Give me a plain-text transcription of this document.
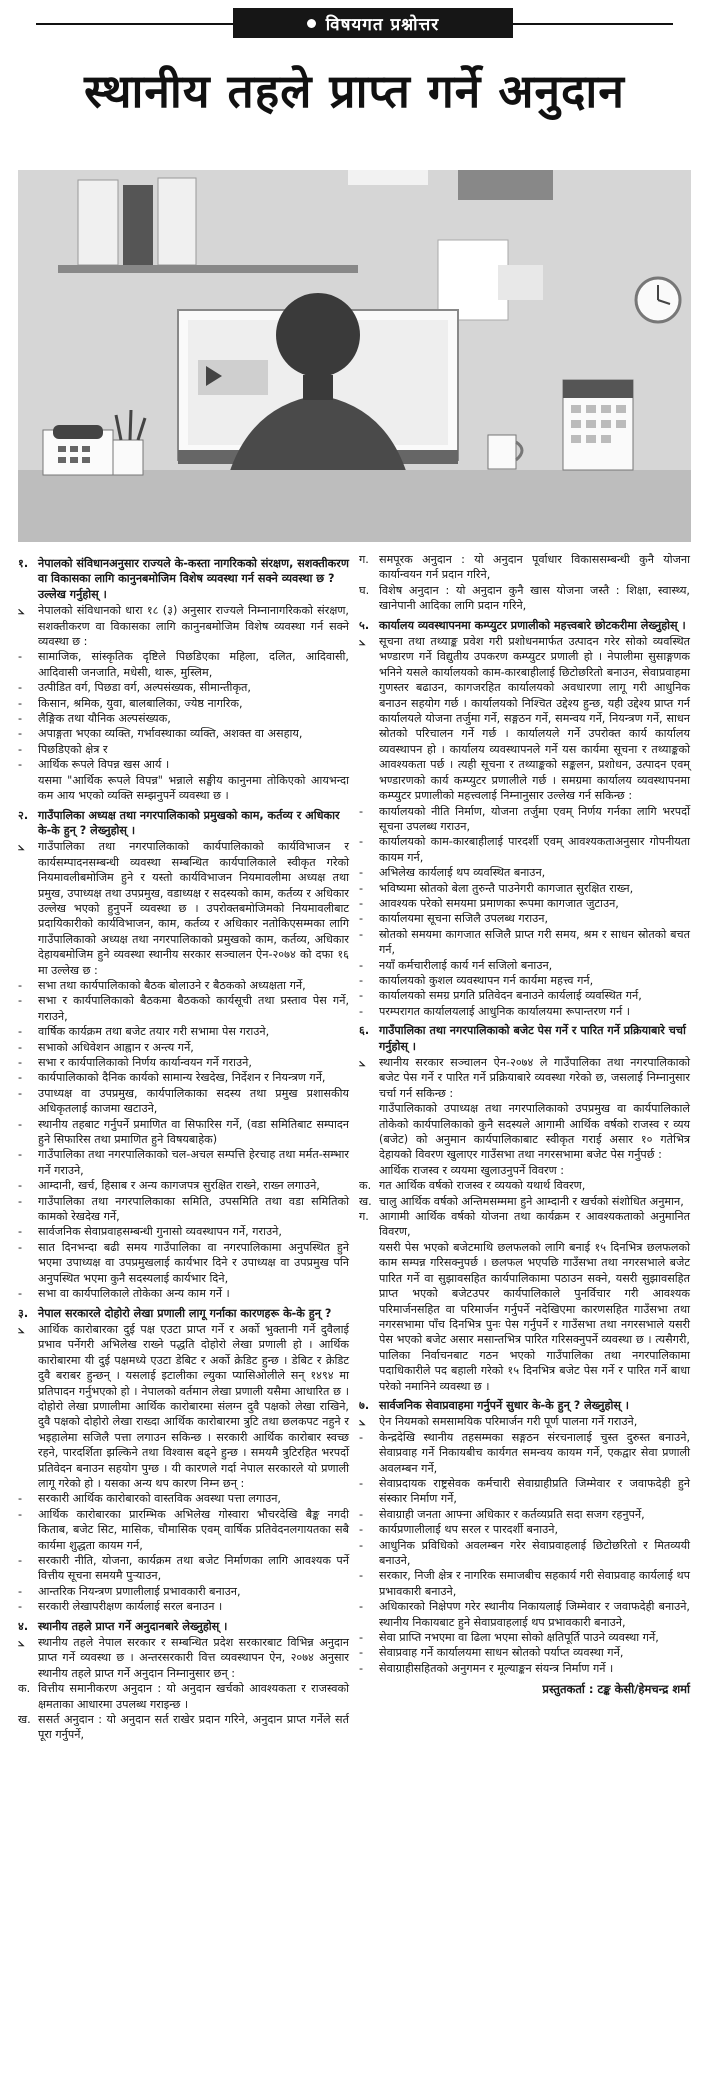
विषयगत प्रश्नोत्तर
स्थानीय तहले प्राप्त गर्ने अनुदान
१. नेपालको संविधानअनुसार राज्यले के-कस्ता नागरिकको संरक्षण, सशक्तीकरण वा विकासका लागि कानुनबमोजिम विशेष व्यवस्था गर्न सक्ने व्यवस्था छ ? उल्लेख गर्नुहोस् ।
⦣	नेपालको संविधानको धारा १८ (३) अनुसार राज्यले निम्नानागरिकको संरक्षण, सशक्तीकरण वा विकासका लागि कानुनबमोजिम विशेष व्यवस्था गर्न सक्ने व्यवस्था छ :
-	सामाजिक, सांस्कृतिक दृष्टिले पिछडिएका महिला, दलित, आदिवासी, आदिवासी जनजाति, मधेसी, थारू, मुस्लिम,
-	उत्पीडित वर्ग, पिछडा वर्ग, अल्पसंख्यक, सीमान्तीकृत,
-	किसान, श्रमिक, युवा, बालबालिका, ज्येष्ठ नागरिक,
-	लैङ्गिक तथा यौनिक अल्पसंख्यक,
-	अपाङ्गता भएका व्यक्ति, गर्भावस्थाका व्यक्ति, अशक्त वा असहाय,
-	पिछडिएको क्षेत्र र
-	आर्थिक रूपले विपन्न खस आर्य ।
यसमा "आर्थिक रूपले विपन्न" भन्नाले सङ्घीय कानुनमा तोकिएको आयभन्दा कम आय भएको व्यक्ति सम्झनुपर्ने व्यवस्था छ ।
२. गाउँपालिका अध्यक्ष तथा नगरपालिकाको प्रमुखको काम, कर्तव्य र अधिकार के-के हुन् ? लेख्नुहोस् ।
⦣	गाउँपालिका तथा नगरपालिकाको कार्यपालिकाको कार्यविभाजन र कार्यसम्पादनसम्बन्धी व्यवस्था सम्बन्धित कार्यपालिकाले स्वीकृत गरेको नियमावलीबमोजिम हुने र यस्तो कार्यविभाजन नियमावलीमा अध्यक्ष तथा प्रमुख, उपाध्यक्ष तथा उपप्रमुख, वडाध्यक्ष र सदस्यको काम, कर्तव्य र अधिकार उल्लेख भएको हुनुपर्ने व्यवस्था छ । उपरोक्तबमोजिमको नियमावलीबाट प्रदायिकारीको कार्यविभाजन, काम, कर्तव्य र अधिकार नतोकिएसम्मका लागि गाउँपालिकाको अध्यक्ष तथा नगरपालिकाको प्रमुखको काम, कर्तव्य, अधिकार देहायबमोजिम हुने व्यवस्था स्थानीय सरकार सञ्चालन ऐन-२०७४ को दफा १६ मा उल्लेख छ :
-	सभा तथा कार्यपालिकाको बैठक बोलाउने र बैठकको अध्यक्षता गर्ने,
-	सभा र कार्यपालिकाको बैठकमा बैठकको कार्यसूची तथा प्रस्ताव पेस गर्ने, गराउने,
-	वार्षिक कार्यक्रम तथा बजेट तयार गरी सभामा पेस गराउने,
-	सभाको अधिवेशन आह्वान र अन्त्य गर्ने,
-	सभा र कार्यपालिकाको निर्णय कार्यान्वयन गर्ने गराउने,
-	कार्यपालिकाको दैनिक कार्यको सामान्य रेखदेख, निर्देशन र नियन्त्रण गर्ने,
-	उपाध्यक्ष वा उपप्रमुख, कार्यपालिकाका सदस्य तथा प्रमुख प्रशासकीय अधिकृतलाई काजमा खटाउने,
-	स्थानीय तहबाट गर्नुपर्ने प्रमाणित वा सिफारिस गर्ने, (वडा समितिबाट सम्पादन हुने सिफारिस तथा प्रमाणित हुने विषयबाहेक)
-	गाउँपालिका तथा नगरपालिकाको चल-अचल सम्पत्ति हेरचाह तथा मर्मत-सम्भार गर्ने गराउने,
-	आम्दानी, खर्च, हिसाब र अन्य कागजपत्र सुरक्षित राख्ने, राख्न लगाउने,
-	गाउँपालिका तथा नगरपालिकाका समिति, उपसमिति तथा वडा समितिको कामको रेखदेख गर्ने,
-	सार्वजनिक सेवाप्रवाहसम्बन्धी गुनासो व्यवस्थापन गर्ने, गराउने,
-	सात दिनभन्दा बढी समय गाउँपालिका वा नगरपालिकामा अनुपस्थित हुने भएमा उपाध्यक्ष वा उपप्रमुखलाई कार्यभार दिने र उपाध्यक्ष वा उपप्रमुख पनि अनुपस्थित भएमा कुनै सदस्यलाई कार्यभार दिने,
-	सभा वा कार्यपालिकाले तोकेका अन्य काम गर्ने ।
३. नेपाल सरकारले दोहोरो लेखा प्रणाली लागू गर्नाका कारणहरू के-के हुन् ?
⦣	आर्थिक कारोबारका दुई पक्ष एउटा प्राप्त गर्ने र अर्को भुक्तानी गर्ने दुवैलाई प्रभाव पर्नेगरी अभिलेख राख्ने पद्धति दोहोरो लेखा प्रणाली हो । आर्थिक कारोबारमा यी दुई पक्षमध्ये एउटा डेबिट र अर्को क्रेडिट हुन्छ । डेबिट र क्रेडिट दुवै बराबर हुन्छन् । यसलाई इटालीका ल्युका प्यासिओलीले सन् १४९४ मा प्रतिपादन गर्नुभएको हो । नेपालको वर्तमान लेखा प्रणाली यसैमा आधारित छ । दोहोरो लेखा प्रणालीमा आर्थिक कारोबारमा संलग्न दुवै पक्षको लेखा राखिने, दुवै पक्षको दोहोरो लेखा राख्दा आर्थिक कारोबारमा त्रुटि तथा छलकपट नहुने र भइहालेमा सजिलै पत्ता लगाउन सकिन्छ । सरकारी आर्थिक कारोबार स्वच्छ रहने, पारदर्शिता झल्किने तथा विश्वास बढ्ने हुन्छ । समयमै त्रुटिरहित भरपर्दो प्रतिवेदन बनाउन सहयोग पुग्छ । यी कारणले गर्दा नेपाल सरकारले यो प्रणाली लागू गरेको हो । यसका अन्य थप कारण निम्न छन् :
-	सरकारी आर्थिक कारोबारको वास्तविक अवस्था पत्ता लगाउन,
-	आर्थिक कारोबारका प्रारम्भिक अभिलेख गोस्वारा भौचरदेखि बैङ्क नगदी किताब, बजेट सिट, मासिक, चौमासिक एवम् वार्षिक प्रतिवेदनलगायतका सबै कार्यमा शुद्धता कायम गर्न,
-	सरकारी नीति, योजना, कार्यक्रम तथा बजेट निर्माणका लागि आवश्यक पर्ने वित्तीय सूचना समयमै पुऱ्याउन,
-	आन्तरिक नियन्त्रण प्रणालीलाई प्रभावकारी बनाउन,
-	सरकारी लेखापरीक्षण कार्यलाई सरल बनाउन ।
४. स्थानीय तहले प्राप्त गर्ने अनुदानबारे लेख्नुहोस् ।
⦣	स्थानीय तहले नेपाल सरकार र सम्बन्धित प्रदेश सरकारबाट विभिन्न अनुदान प्राप्त गर्ने व्यवस्था छ । अन्तरसरकारी वित्त व्यवस्थापन ऐन, २०७४ अनुसार स्थानीय तहले प्राप्त गर्ने अनुदान निम्नानुसार छन् :
क. वित्तीय समानीकरण अनुदान : यो अनुदान खर्चको आवश्यकता र राजस्वको क्षमताका आधारमा उपलब्ध गराइन्छ ।
ख. ससर्त अनुदान : यो अनुदान सर्त राखेर प्रदान गरिने, अनुदान प्राप्त गर्नेले सर्त पूरा गर्नुपर्ने,
ग. समपूरक अनुदान : यो अनुदान पूर्वाधार विकाससम्बन्धी कुनै योजना कार्यान्वयन गर्न प्रदान गरिने,
घ. विशेष अनुदान : यो अनुदान कुनै खास योजना जस्तै : शिक्षा, स्वास्थ्य, खानेपानी आदिका लागि प्रदान गरिने,
५. कार्यालय व्यवस्थापनमा कम्प्युटर प्रणालीको महत्त्वबारे छोटकरीमा लेख्नुहोस् ।
⦣	सूचना तथा तथ्याङ्क प्रवेश गरी प्रशोधनमार्फत उत्पादन गरेर सोको व्यवस्थित भण्डारण गर्ने विद्युतीय उपकरण कम्प्युटर प्रणाली हो । नेपालीमा सुसाङ्गणक भनिने यसले कार्यालयको काम-कारबाहीलाई छिटोछरितो बनाउन, सेवाप्रवाहमा गुणस्तर बढाउन, कागजरहित कार्यालयको अवधारणा लागू गरी आधुनिक बनाउन सहयोग गर्छ । कार्यालयको निश्चित उद्देश्य हुन्छ, यही उद्देश्य प्राप्त गर्न कार्यालयले योजना तर्जुमा गर्ने, सङ्गठन गर्ने, समन्वय गर्ने, नियन्त्रण गर्ने, साधन स्रोतको परिचालन गर्ने गर्छ । कार्यालयले गर्ने उपरोक्त कार्य कार्यालय व्यवस्थापन हो । कार्यालय व्यवस्थापनले गर्ने यस कार्यमा सूचना र तथ्याङ्कको आवश्यकता पर्छ । त्यही सूचना र तथ्याङ्कको सङ्कलन, प्रशोधन, उत्पादन एवम् भण्डारणको कार्य कम्प्युटर प्रणालीले गर्छ । समग्रमा कार्यालय व्यवस्थापनमा कम्प्युटर प्रणालीको महत्त्वलाई निम्नानुसार उल्लेख गर्न सकिन्छ :
-	कार्यालयको नीति निर्माण, योजना तर्जुमा एवम् निर्णय गर्नका लागि भरपर्दो सूचना उपलब्ध गराउन,
-	कार्यालयको काम-कारबाहीलाई पारदर्शी एवम् आवश्यकताअनुसार गोपनीयता कायम गर्न,
-	अभिलेख कार्यलाई थप व्यवस्थित बनाउन,
-	भविष्यमा स्रोतको बेला तुरुन्तै पाउनेगरी कागजात सुरक्षित राख्न,
-	आवश्यक परेको समयमा प्रमाणका रूपमा कागजात जुटाउन,
-	कार्यालयमा सूचना सजिलै उपलब्ध गराउन,
-	स्रोतको समयमा कागजात सजिलै प्राप्त गरी समय, श्रम र साधन स्रोतको बचत गर्न,
-	नयाँ कर्मचारीलाई कार्य गर्न सजिलो बनाउन,
-	कार्यालयको कुशल व्यवस्थापन गर्न कार्यमा महत्त्व गर्न,
-	कार्यालयको समग्र प्रगति प्रतिवेदन बनाउने कार्यलाई व्यवस्थित गर्न,
-	परम्परागत कार्यालयलाई आधुनिक कार्यालयमा रूपान्तरण गर्न ।
६. गाउँपालिका तथा नगरपालिकाको बजेट पेस गर्ने र पारित गर्ने प्रक्रियाबारे चर्चा गर्नुहोस् ।
⦣	स्थानीय सरकार सञ्चालन ऐन-२०७४ ले गाउँपालिका तथा नगरपालिकाको बजेट पेस गर्ने र पारित गर्ने प्रक्रियाबारे व्यवस्था गरेको छ, जसलाई निम्नानुसार चर्चा गर्न सकिन्छ :
गाउँपालिकाको उपाध्यक्ष तथा नगरपालिकाको उपप्रमुख वा कार्यपालिकाले तोकेको कार्यपालिकाको कुनै सदस्यले आगामी आर्थिक वर्षको राजस्व र व्यय (बजेट) को अनुमान कार्यपालिकाबाट स्वीकृत गराई असार १० गतेभित्र देहायको विवरण खुलाएर गाउँसभा तथा नगरसभामा बजेट पेस गर्नुपर्छ :
आर्थिक राजस्व र व्ययमा खुलाउनुपर्ने विवरण :
क. गत आर्थिक वर्षको राजस्व र व्ययको यथार्थ विवरण,
ख. चालु आर्थिक वर्षको अन्तिमसम्ममा हुने आम्दानी र खर्चको संशोधित अनुमान,
ग. आगामी आर्थिक वर्षको योजना तथा कार्यक्रम र आवश्यकताको अनुमानित विवरण,
यसरी पेस भएको बजेटमाथि छलफलको लागि बनाई १५ दिनभित्र छलफलको काम सम्पन्न गरिसक्नुपर्छ । छलफल भएपछि गाउँसभा तथा नगरसभाले बजेट पारित गर्ने वा सुझावसहित कार्यपालिकामा पठाउन सक्ने, यसरी सुझावसहित प्राप्त भएको बजेटउपर कार्यपालिकाले पुनर्विचार गरी आवश्यक परिमार्जनसहित वा परिमार्जन गर्नुपर्ने नदेखिएमा कारणसहित गाउँसभा तथा नगरसभामा पाँच दिनभित्र पुनः पेस गर्नुपर्ने र गाउँसभा तथा नगरसभाले यसरी पेस भएको बजेट असार मसान्तभित्र पारित गरिसक्नुपर्ने व्यवस्था छ । त्यसैगरी, पालिका निर्वाचनबाट गठन भएको गाउँपालिका तथा नगरपालिकामा पदाधिकारीले पद बहाली गरेको १५ दिनभित्र बजेट पेस गर्ने र पारित गर्ने बाधा परेको नमानिने व्यवस्था छ ।
७. सार्वजनिक सेवाप्रवाहमा गर्नुपर्ने सुधार के-के हुन् ? लेख्नुहोस् ।
⦣	ऐन नियमको समसामयिक परिमार्जन गरी पूर्ण पालना गर्ने गराउने,
-	केन्द्रदेखि स्थानीय तहसम्मका सङ्गठन संरचनालाई चुस्त दुरुस्त बनाउने, सेवाप्रवाह गर्ने निकायबीच कार्यगत समन्वय कायम गर्ने, एकद्वार सेवा प्रणाली अवलम्बन गर्ने,
-	सेवाप्रदायक राष्ट्रसेवक कर्मचारी सेवाग्राहीप्रति जिम्मेवार र जवाफदेही हुने संस्कार निर्माण गर्ने,
-	सेवाग्राही जनता आफ्ना अधिकार र कर्तव्यप्रति सदा सजग रहनुपर्ने,
-	कार्यप्रणालीलाई थप सरल र पारदर्शी बनाउने,
-	आधुनिक प्रविधिको अवलम्बन गरेर सेवाप्रवाहलाई छिटोछरितो र मितव्ययी बनाउने,
-	सरकार, निजी क्षेत्र र नागरिक समाजबीच सहकार्य गरी सेवाप्रवाह कार्यलाई थप प्रभावकारी बनाउने,
-	अधिकारको निक्षेपण गरेर स्थानीय निकायलाई जिम्मेवार र जवाफदेही बनाउने, स्थानीय निकायबाट हुने सेवाप्रवाहलाई थप प्रभावकारी बनाउने,
-	सेवा प्राप्ति नभएमा वा ढिला भएमा सोको क्षतिपूर्ति पाउने व्यवस्था गर्ने,
-	सेवाप्रवाह गर्ने कार्यालयमा साधन स्रोतको पर्याप्त व्यवस्था गर्ने,
-	सेवाग्राहीसहितको अनुगमन र मूल्याङ्कन संयन्त्र निर्माण गर्ने ।
प्रस्तुतकर्ता : टङ्क केसी/हेमचन्द्र शर्मा
